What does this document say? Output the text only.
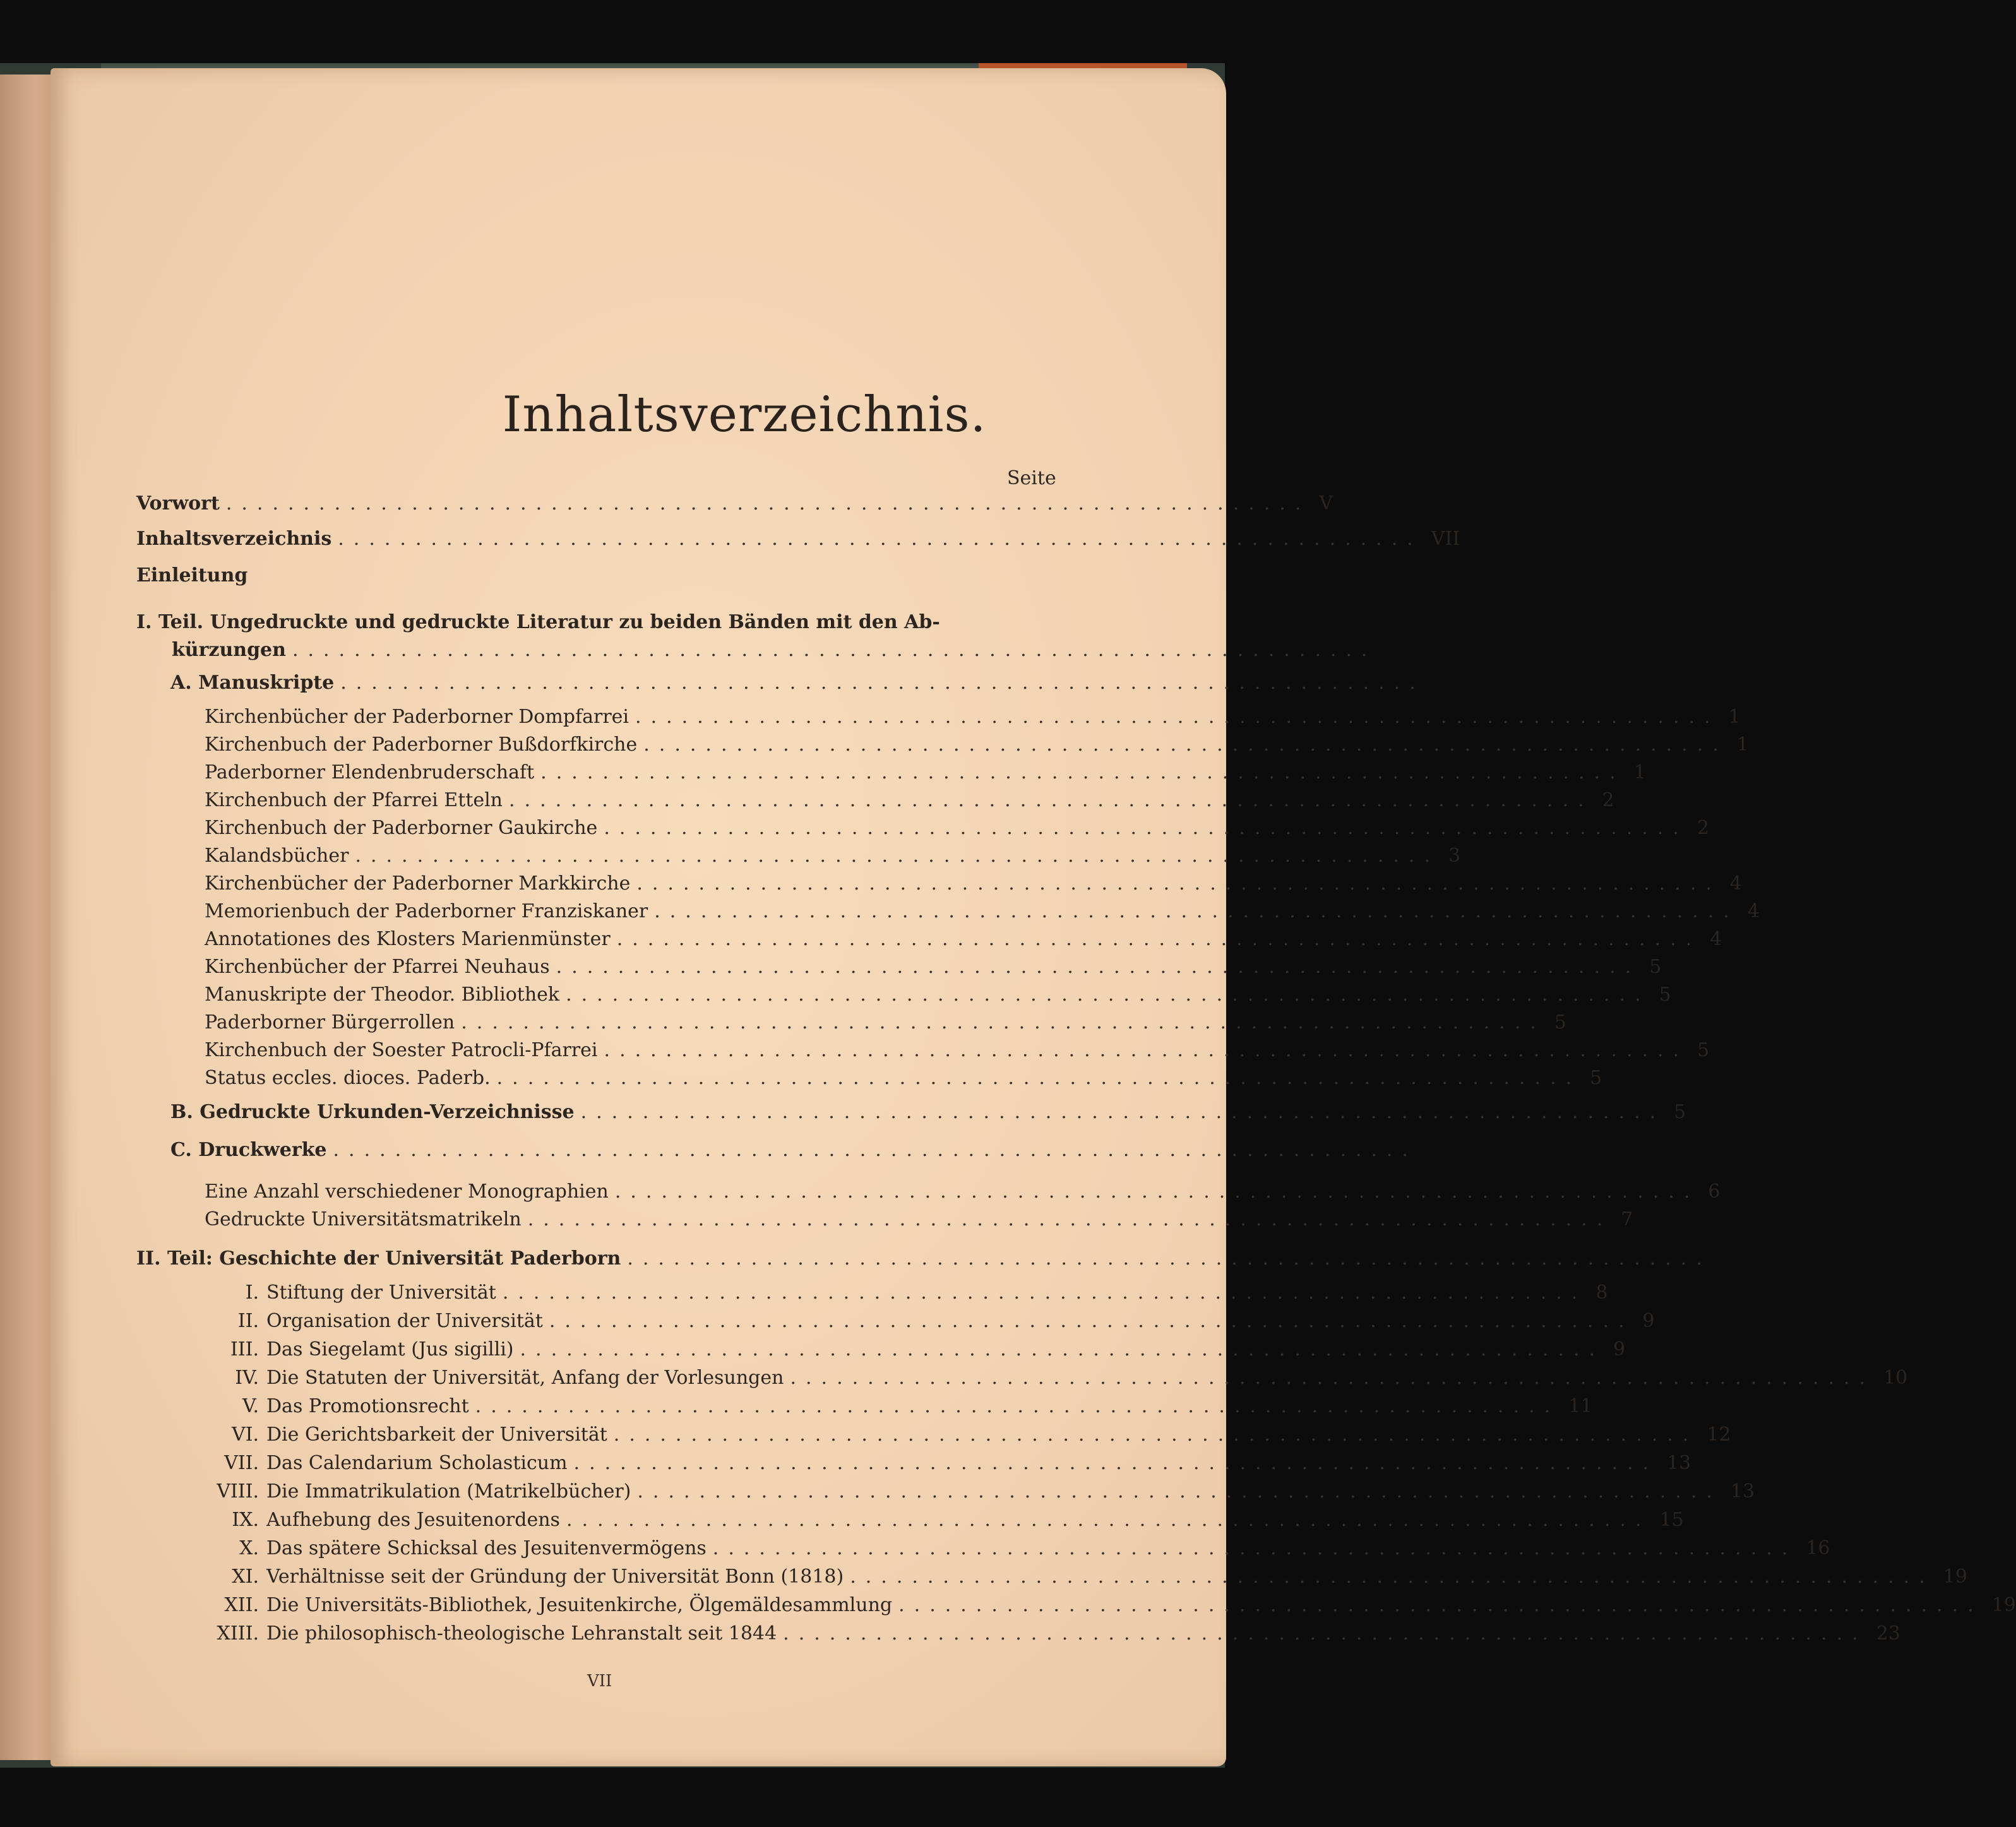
Inhaltsverzeichnis.
Seite
Vorwort ...................................................................... V
Inhaltsverzeichnis ...................................................................... VII
Einleitung
I. Teil. Ungedruckte und gedruckte Literatur zu beiden Bänden mit den Ab-
kürzungen ......................................................................
A. Manuskripte ......................................................................
Kirchenbücher der Paderborner Dompfarrei ...................................................................... 1
Kirchenbuch der Paderborner Bußdorfkirche ...................................................................... 1
Paderborner Elendenbruderschaft ...................................................................... 1
Kirchenbuch der Pfarrei Etteln ...................................................................... 2
Kirchenbuch der Paderborner Gaukirche ...................................................................... 2
Kalandsbücher ...................................................................... 3
Kirchenbücher der Paderborner Markkirche ...................................................................... 4
Memorienbuch der Paderborner Franziskaner ...................................................................... 4
Annotationes des Klosters Marienmünster ...................................................................... 4
Kirchenbücher der Pfarrei Neuhaus ...................................................................... 5
Manuskripte der Theodor. Bibliothek ...................................................................... 5
Paderborner Bürgerrollen ...................................................................... 5
Kirchenbuch der Soester Patrocli-Pfarrei ...................................................................... 5
Status eccles. dioces. Paderb. ...................................................................... 5
B. Gedruckte Urkunden-Verzeichnisse ...................................................................... 5
C. Druckwerke ......................................................................
Eine Anzahl verschiedener Monographien ...................................................................... 6
Gedruckte Universitätsmatrikeln ...................................................................... 7
II. Teil: Geschichte der Universität Paderborn ......................................................................
I. Stiftung der Universität ...................................................................... 8
II. Organisation der Universität ...................................................................... 9
III. Das Siegelamt (Jus sigilli) ...................................................................... 9
IV. Die Statuten der Universität, Anfang der Vorlesungen ...................................................................... 10
V. Das Promotionsrecht ...................................................................... 11
VI. Die Gerichtsbarkeit der Universität ...................................................................... 12
VII. Das Calendarium Scholasticum ...................................................................... 13
VIII. Die Immatrikulation (Matrikelbücher) ...................................................................... 13
IX. Aufhebung des Jesuitenordens ...................................................................... 15
X. Das spätere Schicksal des Jesuitenvermögens ...................................................................... 16
XI. Verhältnisse seit der Gründung der Universität Bonn (1818) ...................................................................... 19
XII. Die Universitäts-Bibliothek, Jesuitenkirche, Ölgemäldesammlung ...................................................................... 19
XIII. Die philosophisch-theologische Lehranstalt seit 1844 ...................................................................... 23
VII
